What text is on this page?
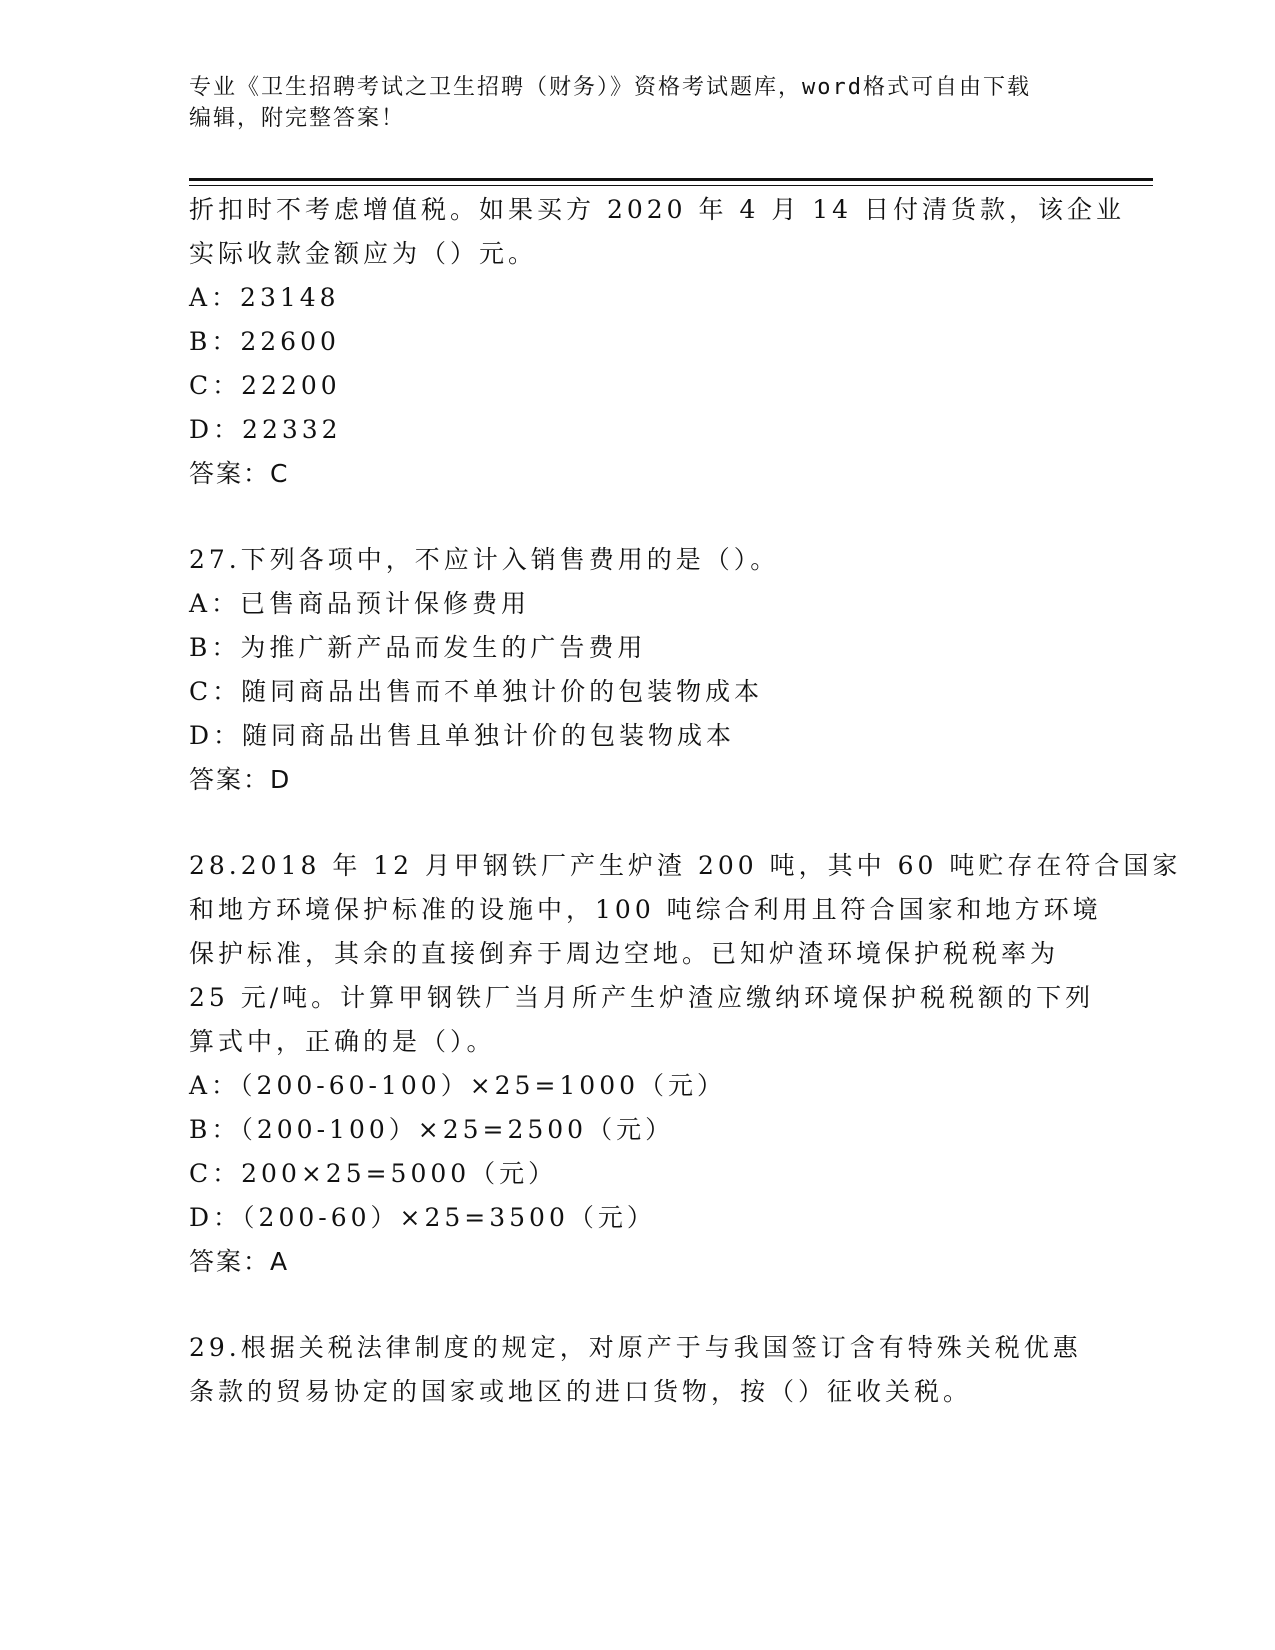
专业《卫生招聘考试之卫生招聘（财务）》资格考试题库，word格式可自由下载
编辑，附完整答案！
折扣时不考虑增值税。如果买方 2020 年 4 月 14 日付清货款，该企业
实际收款金额应为（）元。
A：23148
B：22600
C：22200
D：22332
答案：C
27.下列各项中，不应计入销售费用的是（）。
A：已售商品预计保修费用
B：为推广新产品而发生的广告费用
C：随同商品出售而不单独计价的包装物成本
D：随同商品出售且单独计价的包装物成本
答案：D
28.2018 年 12 月甲钢铁厂产生炉渣 200 吨，其中 60 吨贮存在符合国家
和地方环境保护标准的设施中，100 吨综合利用且符合国家和地方环境
保护标准，其余的直接倒弃于周边空地。已知炉渣环境保护税税率为
25 元/吨。计算甲钢铁厂当月所产生炉渣应缴纳环境保护税税额的下列
算式中，正确的是（）。
A：（200-60-100）×25=1000（元）
B：（200-100）×25=2500（元）
C：200×25=5000（元）
D：（200-60）×25=3500（元）
答案：A
29.根据关税法律制度的规定，对原产于与我国签订含有特殊关税优惠
条款的贸易协定的国家或地区的进口货物，按（）征收关税。
